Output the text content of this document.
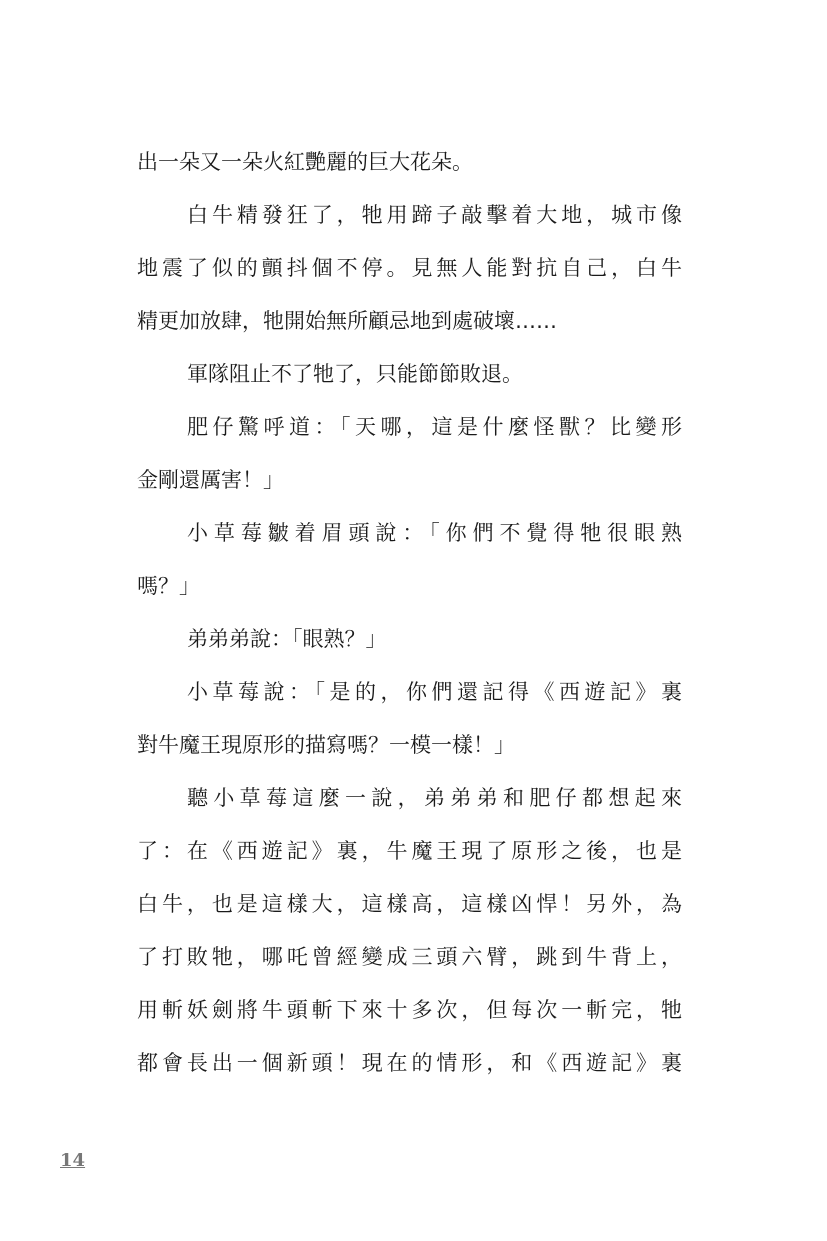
出一朵又一朵火紅艷麗的巨大花朵。
白牛精發狂了，牠用蹄子敲擊着大地，城市像
地震了似的顫抖個不停。見無人能對抗自己，白牛
精更加放肆，牠開始無所顧忌地到處破壞……
軍隊阻止不了牠了，只能節節敗退。
肥仔驚呼道：「天哪，這是什麼怪獸？比變形
金剛還厲害！」
小草莓皺着眉頭說：「你們不覺得牠很眼熟
嗎？」
弟弟弟說：「眼熟？」
小草莓說：「是的，你們還記得《西遊記》裏
對牛魔王現原形的描寫嗎？一模一樣！」
聽小草莓這麼一說，弟弟弟和肥仔都想起來
了：在《西遊記》裏，牛魔王現了原形之後，也是
白牛，也是這樣大，這樣高，這樣凶悍！另外，為
了打敗牠，哪吒曾經變成三頭六臂，跳到牛背上，
用斬妖劍將牛頭斬下來十多次，但每次一斬完，牠
都會長出一個新頭！現在的情形，和《西遊記》裏
14
